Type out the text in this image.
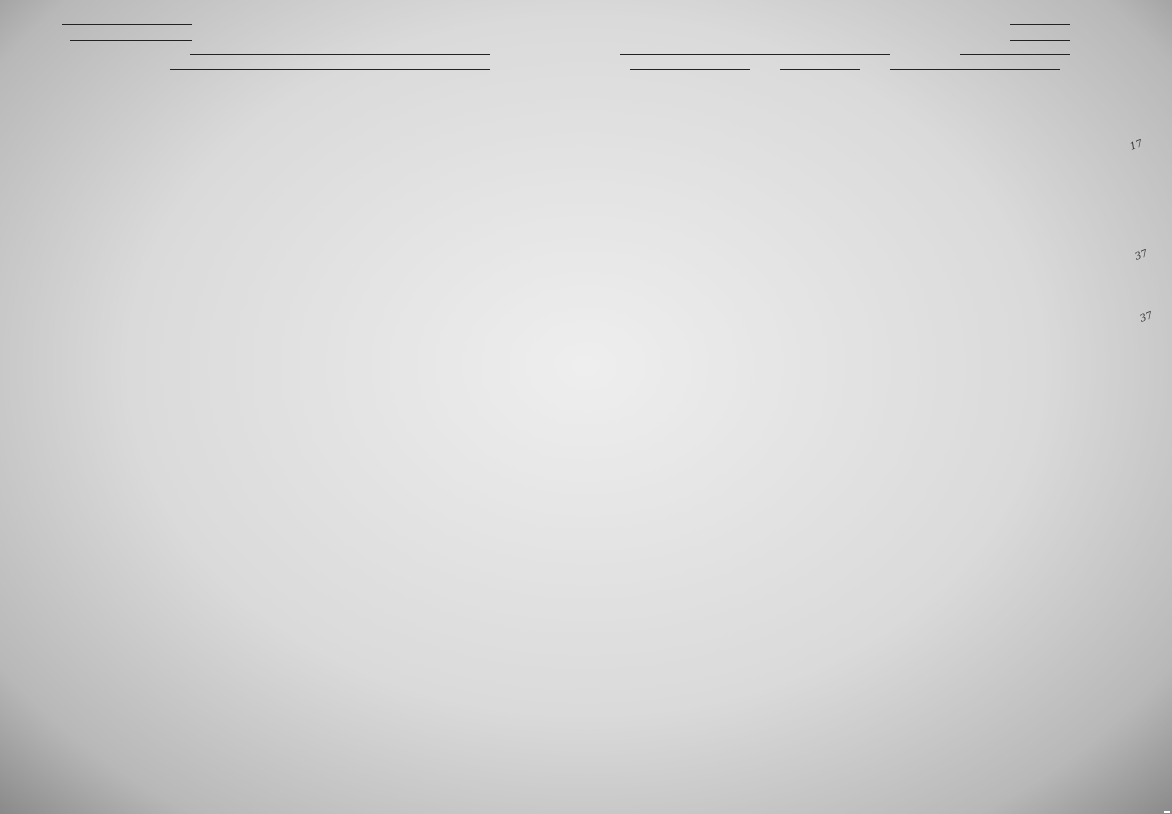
17
37
37
